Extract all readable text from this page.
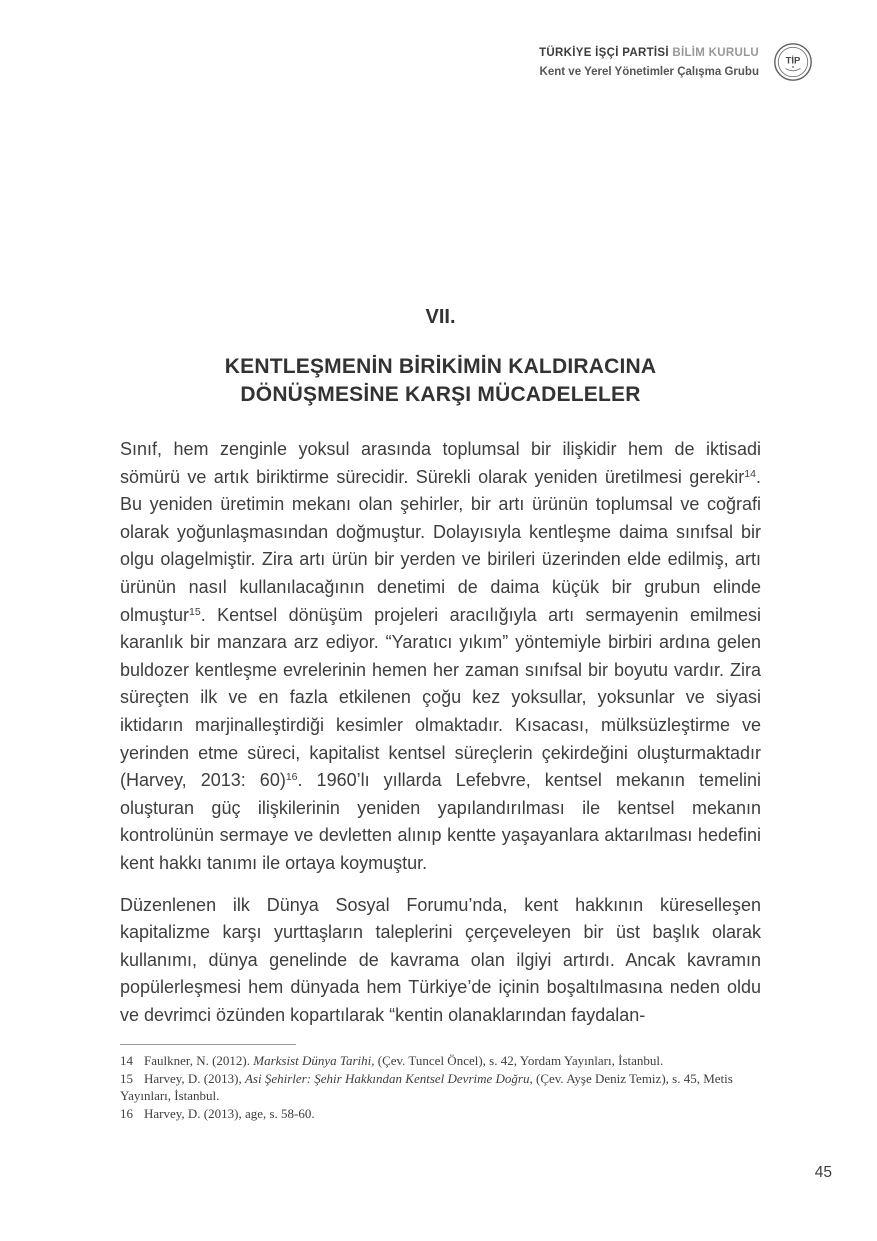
TÜRKİYE İŞÇİ PARTİSİ BİLİM KURULU
Kent ve Yerel Yönetimler Çalışma Grubu
TİP
VII.
KENTLEŞMENİN BİRİKİMİN KALDIRACINA
DÖNÜŞMESİNE KARŞI MÜCADELELER

Sınıf, hem zenginle yoksul arasında toplumsal bir ilişkidir hem de iktisadi sömürü ve artık biriktirme sürecidir. Sürekli olarak yeniden üretilmesi gerekir$^{14}$. Bu yeniden üretimin mekanı olan şehirler, bir artı ürünün toplumsal ve coğrafi olarak yoğunlaşmasından doğmuştur. Dolayısıyla kentleşme daima sınıfsal bir olgu olagelmiştir. Zira artı ürün bir yerden ve birileri üzerinden elde edilmiş, artı ürünün nasıl kullanılacağının denetimi de daima küçük bir grubun elinde olmuştur$^{15}$. Kentsel dönüşüm projeleri aracılığıyla artı sermayenin emilmesi karanlık bir manzara arz ediyor. “Yaratıcı yıkım” yöntemiyle birbiri ardına gelen buldozer kentleşme evrelerinin hemen her zaman sınıfsal bir boyutu vardır. Zira süreçten ilk ve en fazla etkilenen çoğu kez yoksullar, yoksunlar ve siyasi iktidarın marjinalleştirdiği kesimler olmaktadır. Kısacası, mülksüzleştirme ve yerinden etme süreci, kapitalist kentsel süreçlerin çekirdeğini oluşturmaktadır (Harvey, 2013: 60)$^{16}$. 1960’lı yıllarda Lefebvre, kentsel mekanın temelini oluşturan güç ilişkilerinin yeniden yapılandırılması ile kentsel mekanın kontrolünün sermaye ve devletten alınıp kentte yaşayanlara aktarılması hedefini kent hakkı tanımı ile ortaya koymuştur.

Düzenlenen ilk Dünya Sosyal Forumu’nda, kent hakkının küreselleşen kapitalizme karşı yurttaşların taleplerini çerçeveleyen bir üst başlık olarak kullanımı, dünya genelinde de kavrama olan ilgiyi artırdı. Ancak kavramın popülerleşmesi hem dünyada hem Türkiye’de içinin boşaltılmasına neden oldu ve devrimci özünden kopartılarak “kentin olanaklarından faydalan-

14 Faulkner, N. (2012). Marksist Dünya Tarihi, (Çev. Tuncel Öncel), s. 42, Yordam Yayınları, İstanbul.
15 Harvey, D. (2013), Asi Şehirler: Şehir Hakkından Kentsel Devrime Doğru, (Çev. Ayşe Deniz Temiz), s. 45, Metis Yayınları, İstanbul.
16 Harvey, D. (2013), age, s. 58-60.
45
